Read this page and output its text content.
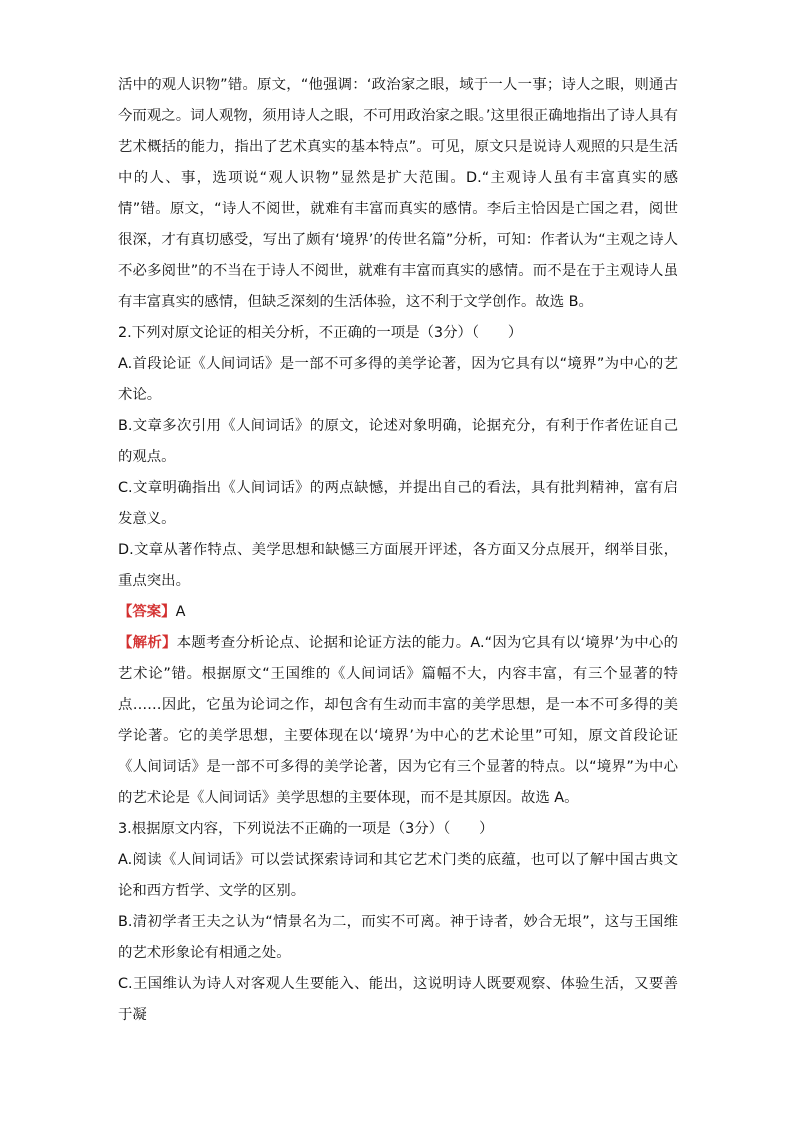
活中的观人识物”错。原文，“他强调：‘政治家之眼，域于一人一事；诗人之眼，则通古今而观之。词人观物，须用诗人之眼，不可用政治家之眼。’这里很正确地指出了诗人具有艺术概括的能力，指出了艺术真实的基本特点”。可见，原文只是说诗人观照的只是生活中的人、事，选项说“观人识物”显然是扩大范围。D.“主观诗人虽有丰富真实的感情”错。原文，“诗人不阅世，就难有丰富而真实的感情。李后主恰因是亡国之君，阅世很深，才有真切感受，写出了颇有‘境界’的传世名篇”分析，可知：作者认为“主观之诗人不必多阅世”的不当在于诗人不阅世，就难有丰富而真实的感情。而不是在于主观诗人虽有丰富真实的感情，但缺乏深刻的生活体验，这不利于文学创作。故选 B。

2.下列对原文论证的相关分析，不正确的一项是（3分）（　　）

A.首段论证《人间词话》是一部不可多得的美学论著，因为它具有以“境界”为中心的艺术论。

B.文章多次引用《人间词话》的原文，论述对象明确，论据充分，有利于作者佐证自己的观点。

C.文章明确指出《人间词话》的两点缺憾，并提出自己的看法，具有批判精神，富有启发意义。

D.文章从著作特点、美学思想和缺憾三方面展开评述，各方面又分点展开，纲举目张，重点突出。

【答案】A

【解析】本题考查分析论点、论据和论证方法的能力。A.“因为它具有以‘境界’为中心的艺术论”错。根据原文“王国维的《人间词话》篇幅不大，内容丰富，有三个显著的特点……因此，它虽为论词之作，却包含有生动而丰富的美学思想，是一本不可多得的美学论著。它的美学思想，主要体现在以‘境界’为中心的艺术论里”可知，原文首段论证《人间词话》是一部不可多得的美学论著，因为它有三个显著的特点。以“境界”为中心的艺术论是《人间词话》美学思想的主要体现，而不是其原因。故选 A。

3.根据原文内容，下列说法不正确的一项是（3分）（　　）

A.阅读《人间词话》可以尝试探索诗词和其它艺术门类的底蕴，也可以了解中国古典文论和西方哲学、文学的区别。

B.清初学者王夫之认为“情景名为二，而实不可离。神于诗者，妙合无垠”，这与王国维的艺术形象论有相通之处。

C.王国维认为诗人对客观人生要能入、能出，这说明诗人既要观察、体验生活，又要善于凝
